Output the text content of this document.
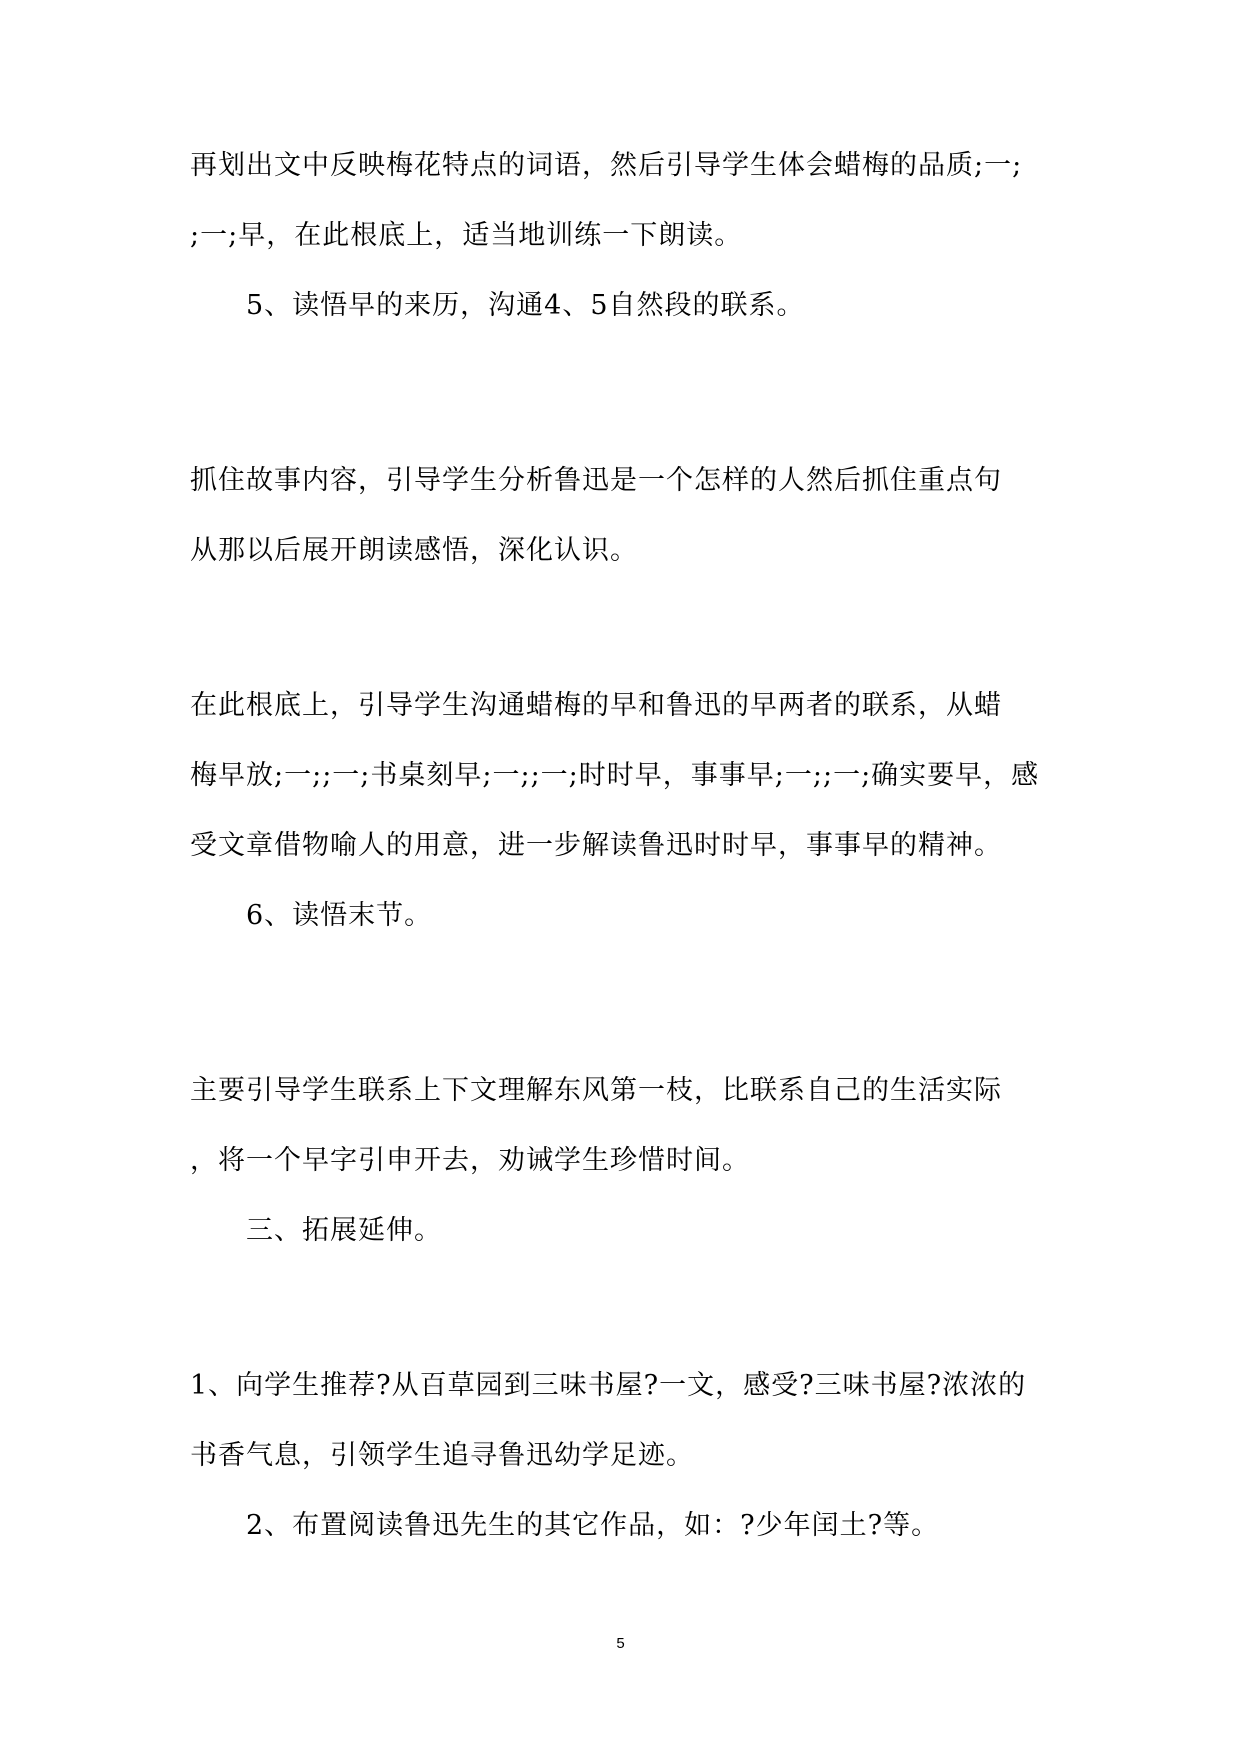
再划出文中反映梅花特点的词语，然后引导学生体会蜡梅的品质;一;
;一;早，在此根底上，适当地训练一下朗读。
5、读悟早的来历，沟通4、5自然段的联系。
抓住故事内容，引导学生分析鲁迅是一个怎样的人然后抓住重点句
从那以后展开朗读感悟，深化认识。
在此根底上，引导学生沟通蜡梅的早和鲁迅的早两者的联系，从蜡
梅早放;一;;一;书桌刻早;一;;一;时时早，事事早;一;;一;确实要早，感
受文章借物喻人的用意，进一步解读鲁迅时时早，事事早的精神。
6、读悟末节。
主要引导学生联系上下文理解东风第一枝，比联系自己的生活实际
，将一个早字引申开去，劝诫学生珍惜时间。
三、拓展延伸。
1、向学生推荐?从百草园到三味书屋?一文，感受?三味书屋?浓浓的
书香气息，引领学生追寻鲁迅幼学足迹。
2、布置阅读鲁迅先生的其它作品，如：?少年闰土?等。
5
